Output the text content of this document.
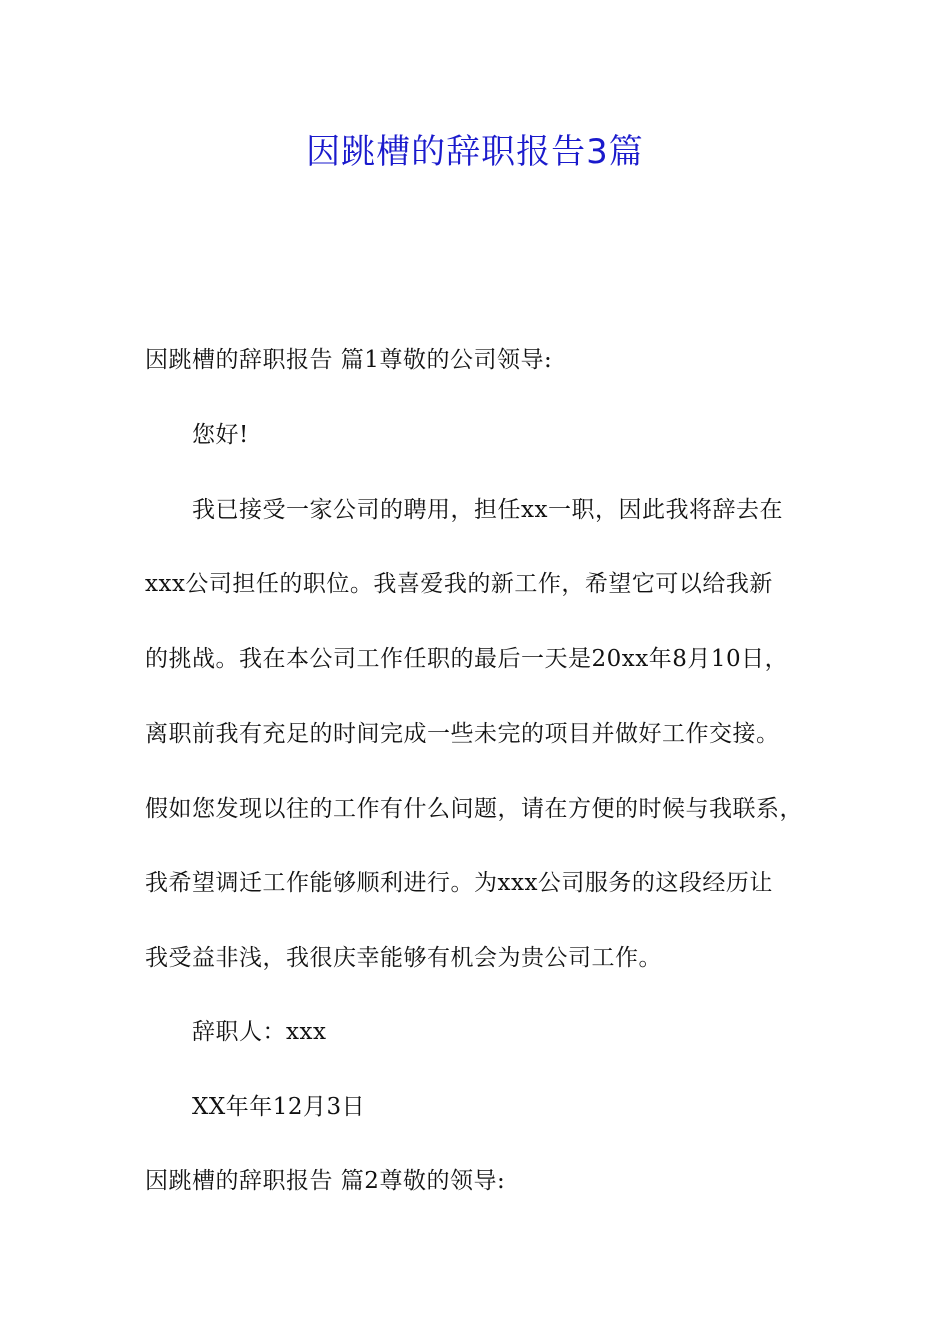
因跳槽的辞职报告3篇
因跳槽的辞职报告 篇1尊敬的公司领导:
您好!
我已接受一家公司的聘用，担任xx一职，因此我将辞去在
xxx公司担任的职位。我喜爱我的新工作，希望它可以给我新
的挑战。我在本公司工作任职的最后一天是20xx年8月10日，
离职前我有充足的时间完成一些未完的项目并做好工作交接。
假如您发现以往的工作有什么问题，请在方便的时候与我联系，
我希望调迁工作能够顺利进行。为xxx公司服务的这段经历让
我受益非浅，我很庆幸能够有机会为贵公司工作。
辞职人：xxx
XX年年12月3日
因跳槽的辞职报告 篇2尊敬的领导:
